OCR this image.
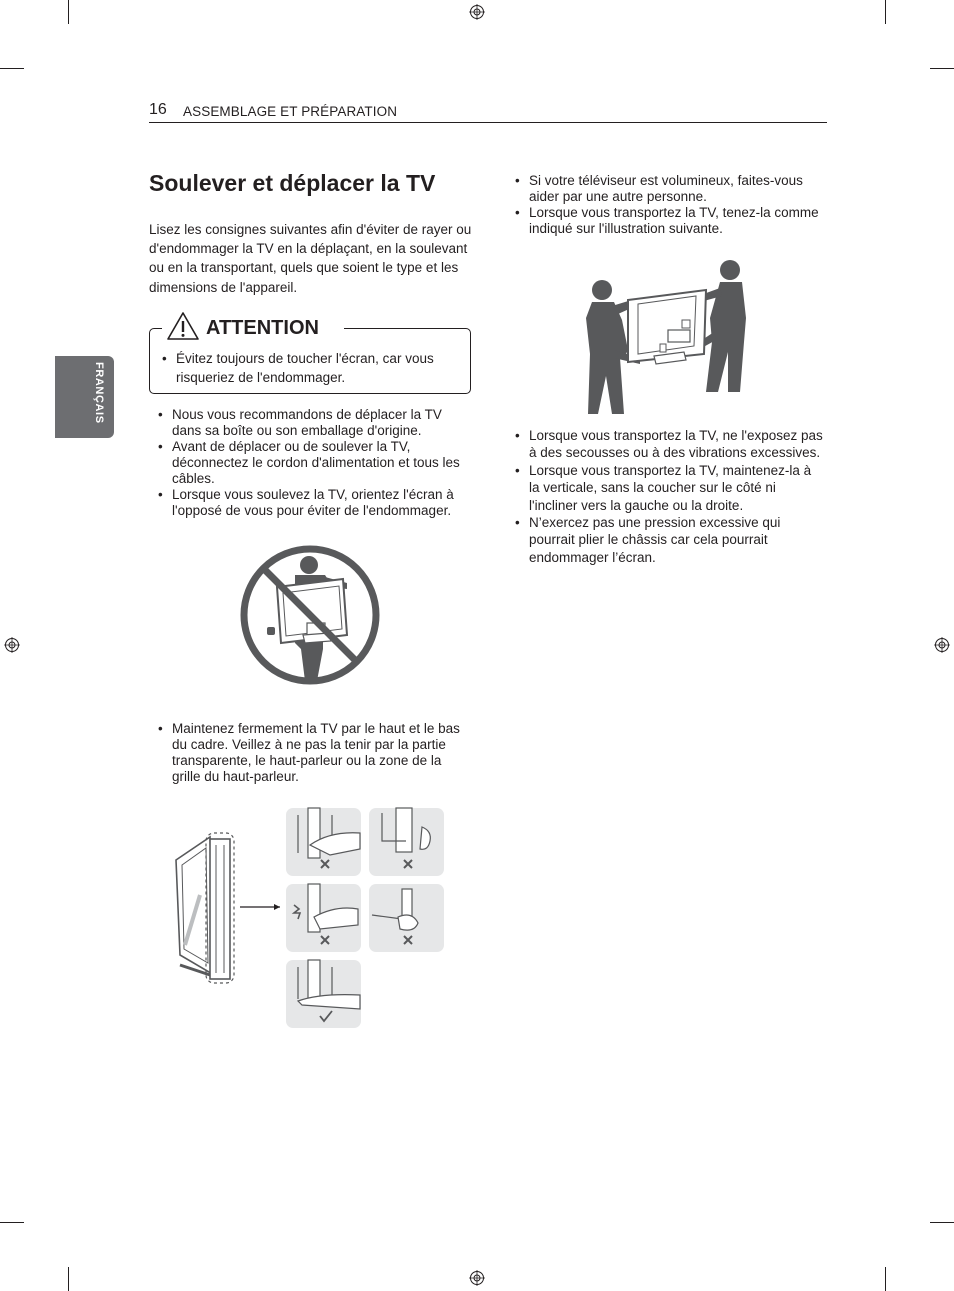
16 ASSEMBLAGE ET PRÉPARATION
FRANÇAIS
Soulever et déplacer la TV

Lisez les consignes suivantes afin d'éviter de rayer ou d'endommager la TV en la déplaçant, en la soulevant ou en la transportant, quels que soient le type et les dimensions de l'appareil.

ATTENTION
• Évitez toujours de toucher l'écran, car vous risqueriez de l'endommager.
• Nous vous recommandons de déplacer la TV dans sa boîte ou son emballage d'origine.
• Avant de déplacer ou de soulever la TV, déconnectez le cordon d'alimentation et tous les câbles.
• Lorsque vous soulevez la TV, orientez l'écran à l'opposé de vous pour éviter de l'endommager.
• Maintenez fermement la TV par le haut et le bas du cadre. Veillez à ne pas la tenir par la partie transparente, le haut-parleur ou la zone de la grille du haut-parleur.
• Si votre téléviseur est volumineux, faites-vous aider par une autre personne.
• Lorsque vous transportez la TV, tenez-la comme indiqué sur l'illustration suivante.
• Lorsque vous transportez la TV, ne l'exposez pas à des secousses ou à des vibrations excessives.
• Lorsque vous transportez la TV, maintenez-la à la verticale, sans la coucher sur le côté ni l'incliner vers la gauche ou la droite.
• N’exercez pas une pression excessive qui pourrait plier le châssis car cela pourrait endommager l’écran.
